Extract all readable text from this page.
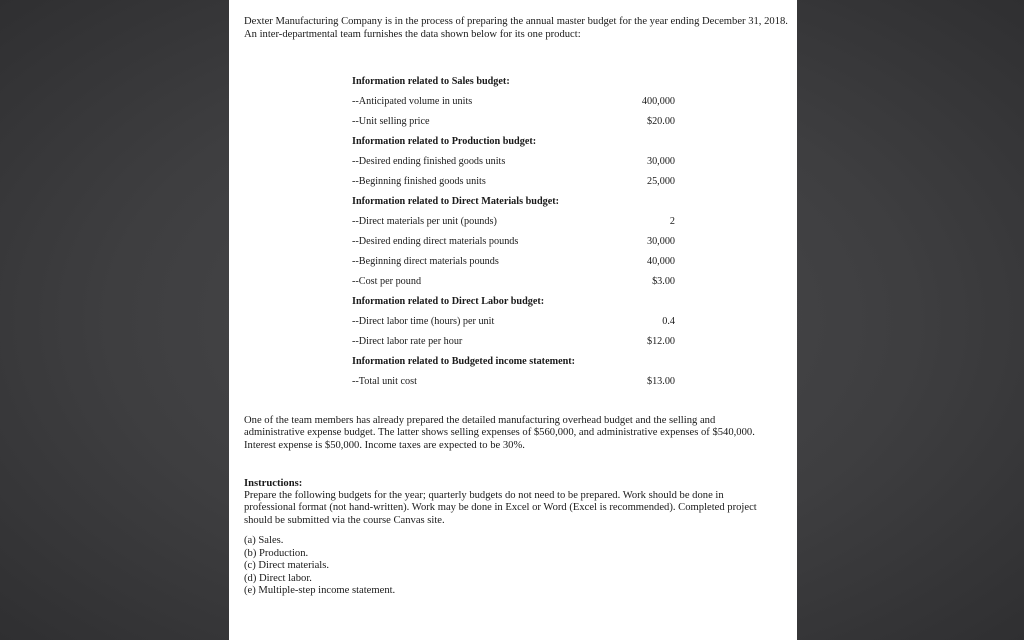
Dexter Manufacturing Company is in the process of preparing the annual master budget for the year ending December 31, 2018. An inter-departmental team furnishes the data shown below for its one product:

Information related to Sales budget:
--Anticipated volume in units	400,000
--Unit selling price	$20.00
Information related to Production budget:
--Desired ending finished goods units	30,000
--Beginning finished goods units	25,000
Information related to Direct Materials budget:
--Direct materials per unit (pounds)	2
--Desired ending direct materials pounds	30,000
--Beginning direct materials pounds	40,000
--Cost per pound	$3.00
Information related to Direct Labor budget:
--Direct labor time (hours) per unit	0.4
--Direct labor rate per hour	$12.00
Information related to Budgeted income statement:
--Total unit cost	$13.00

One of the team members has already prepared the detailed manufacturing overhead budget and the selling and administrative expense budget. The latter shows selling expenses of $560,000, and administrative expenses of $540,000. Interest expense is $50,000. Income taxes are expected to be 30%.

Instructions:

Prepare the following budgets for the year; quarterly budgets do not need to be prepared. Work should be done in professional format (not hand-written). Work may be done in Excel or Word (Excel is recommended). Completed project should be submitted via the course Canvas site.

(a) Sales.
(b) Production.
(c) Direct materials.
(d) Direct labor.
(e) Multiple-step income statement.
